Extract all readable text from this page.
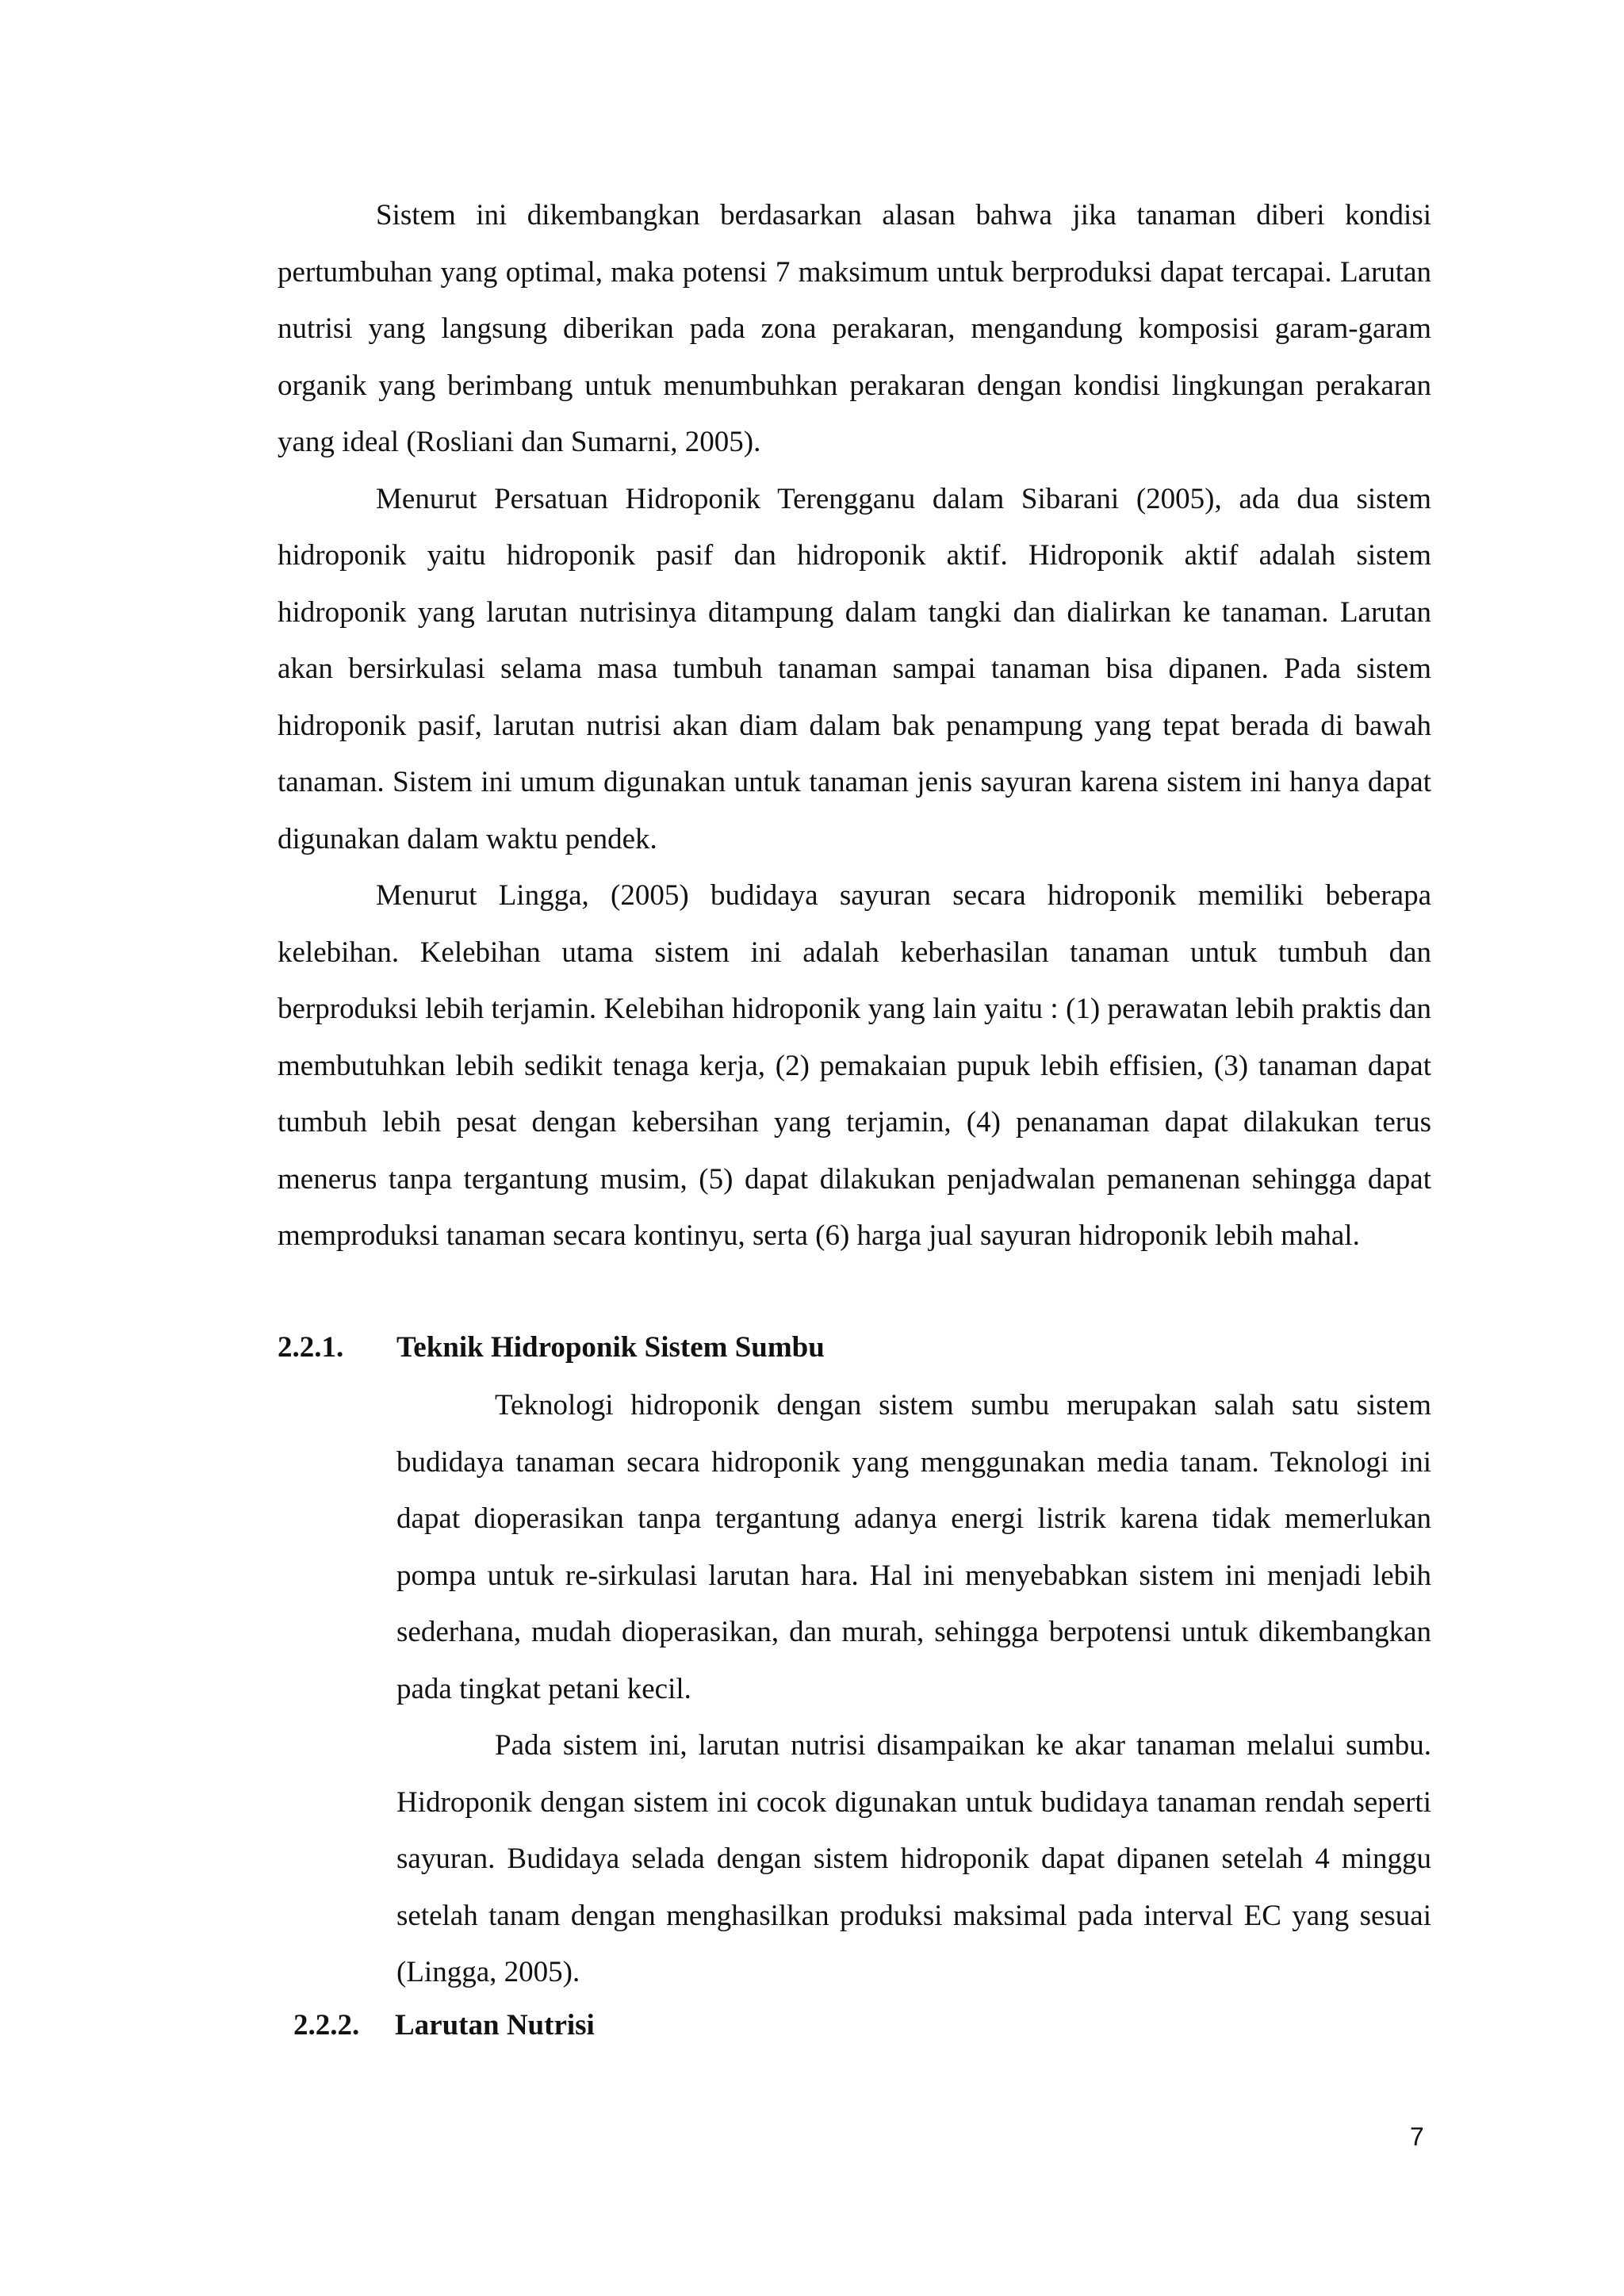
Sistem ini dikembangkan berdasarkan alasan bahwa jika tanaman diberi kondisi pertumbuhan yang optimal, maka potensi 7 maksimum untuk berproduksi dapat tercapai. Larutan nutrisi yang langsung diberikan pada zona perakaran, mengandung komposisi garam-garam organik yang berimbang untuk menumbuhkan perakaran dengan kondisi lingkungan perakaran yang ideal (Rosliani dan Sumarni, 2005).

Menurut Persatuan Hidroponik Terengganu dalam Sibarani (2005), ada dua sistem hidroponik yaitu hidroponik pasif dan hidroponik aktif. Hidroponik aktif adalah sistem hidroponik yang larutan nutrisinya ditampung dalam tangki dan dialirkan ke tanaman. Larutan akan bersirkulasi selama masa tumbuh tanaman sampai tanaman bisa dipanen. Pada sistem hidroponik pasif, larutan nutrisi akan diam dalam bak penampung yang tepat berada di bawah tanaman. Sistem ini umum digunakan untuk tanaman jenis sayuran karena sistem ini hanya dapat digunakan dalam waktu pendek.

Menurut Lingga, (2005) budidaya sayuran secara hidroponik memiliki beberapa kelebihan. Kelebihan utama sistem ini adalah keberhasilan tanaman untuk tumbuh dan berproduksi lebih terjamin. Kelebihan hidroponik yang lain yaitu : (1) perawatan lebih praktis dan membutuhkan lebih sedikit tenaga kerja, (2) pemakaian pupuk lebih effisien, (3) tanaman dapat tumbuh lebih pesat dengan kebersihan yang terjamin, (4) penanaman dapat dilakukan terus menerus tanpa tergantung musim, (5) dapat dilakukan penjadwalan pemanenan sehingga dapat memproduksi tanaman secara kontinyu, serta (6) harga jual sayuran hidroponik lebih mahal.

2.2.1. Teknik Hidroponik Sistem Sumbu

Teknologi hidroponik dengan sistem sumbu merupakan salah satu sistem budidaya tanaman secara hidroponik yang menggunakan media tanam. Teknologi ini dapat dioperasikan tanpa tergantung adanya energi listrik karena tidak memerlukan pompa untuk re-sirkulasi larutan hara. Hal ini menyebabkan sistem ini menjadi lebih sederhana, mudah dioperasikan, dan murah, sehingga berpotensi untuk dikembangkan pada tingkat petani kecil.

Pada sistem ini, larutan nutrisi disampaikan ke akar tanaman melalui sumbu. Hidroponik dengan sistem ini cocok digunakan untuk budidaya tanaman rendah seperti sayuran. Budidaya selada dengan sistem hidroponik dapat dipanen setelah 4 minggu setelah tanam dengan menghasilkan produksi maksimal pada interval EC yang sesuai (Lingga, 2005).

2.2.2. Larutan Nutrisi
7
